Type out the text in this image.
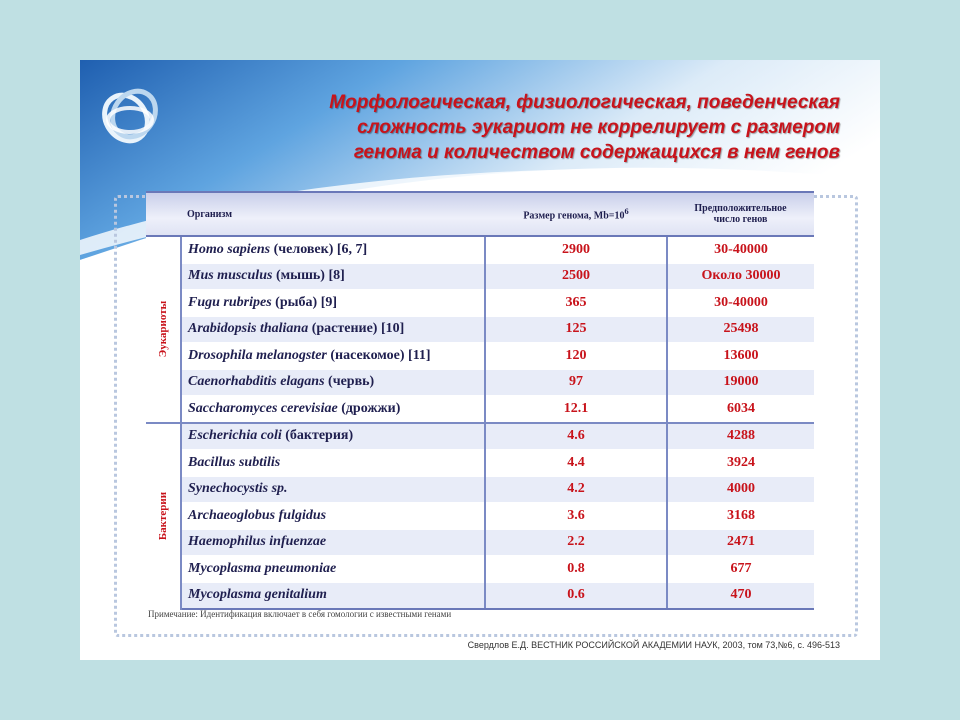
Морфологическая, физиологическая, поведенческая
сложность эукариот не коррелирует с размером
генома и количеством содержащихся в нем генов
	Организм	Размер генома, $Mb=10^6$	Предположительное
число генов

Эукариоты	Homo sapiens (человек) [6, 7]	2900	30-40000
	Mus musculus (мышь) [8]	2500	Около 30000
	Fugu rubripes (рыба) [9]	365	30-40000
	Arabidopsis thaliana (растение) [10]	125	25498
	Drosophila melanogster (насекомое) [11]	120	13600
	Caenorhabditis elagans (червь)	97	19000
	Saccharomyces cerevisiae (дрожжи)	12.1	6034

Бактерии	Escherichia coli (бактерия)	4.6	4288
	Bacillus subtilis	4.4	3924
	Synechocystis sp.	4.2	4000
	Archaeoglobus fulgidus	3.6	3168
	Haemophilus infuenzae	2.2	2471
	Mycoplasma pneumoniae	0.8	677
	Mycoplasma genitalium	0.6	470
Примечание: Идентификация включает в себя гомологии с известными генами
Свердлов Е.Д. ВЕСТНИК РОССИЙСКОЙ АКАДЕМИИ НАУК, 2003, том 73,№6, с. 496-513
